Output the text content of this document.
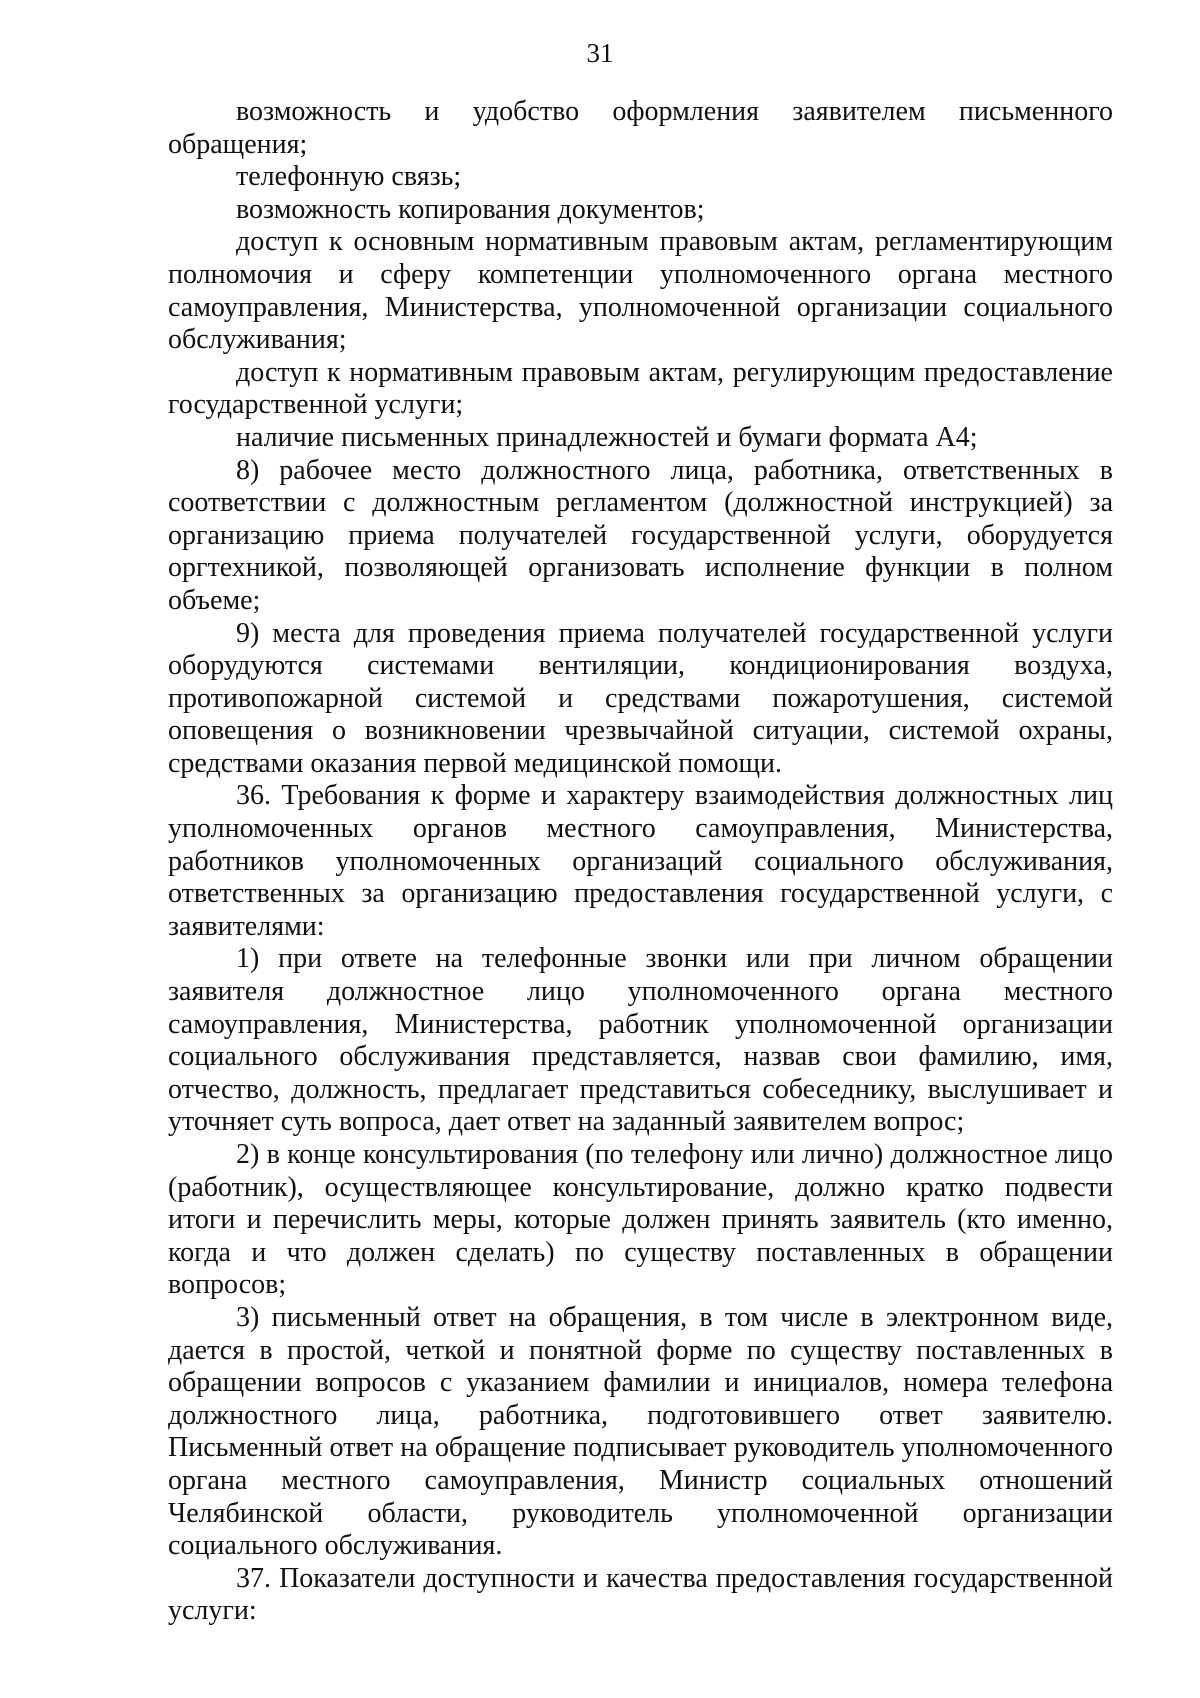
31

возможность и удобство оформления заявителем письменного обращения;

телефонную связь;

возможность копирования документов;

доступ к основным нормативным правовым актам, регламентирующим полномочия и сферу компетенции уполномоченного органа местного самоуправления, Министерства, уполномоченной организации социального обслуживания;

доступ к нормативным правовым актам, регулирующим предоставление государственной услуги;

наличие письменных принадлежностей и бумаги формата А4;

8) рабочее место должностного лица, работника, ответственных в соответствии с должностным регламентом (должностной инструкцией) за организацию приема получателей государственной услуги, оборудуется оргтехникой, позволяющей организовать исполнение функции в полном объеме;

9) места для проведения приема получателей государственной услуги оборудуются системами вентиляции, кондиционирования воздуха, противопожарной системой и средствами пожаротушения, системой оповещения о возникновении чрезвычайной ситуации, системой охраны, средствами оказания первой медицинской помощи.

36. Требования к форме и характеру взаимодействия должностных лиц уполномоченных органов местного самоуправления, Министерства, работников уполномоченных организаций социального обслуживания, ответственных за организацию предоставления государственной услуги, с заявителями:

1) при ответе на телефонные звонки или при личном обращении заявителя должностное лицо уполномоченного органа местного самоуправления, Министерства, работник уполномоченной организации социального обслуживания представляется, назвав свои фамилию, имя, отчество, должность, предлагает представиться собеседнику, выслушивает и уточняет суть вопроса, дает ответ на заданный заявителем вопрос;

2) в конце консультирования (по телефону или лично) должностное лицо (работник), осуществляющее консультирование, должно кратко подвести итоги и перечислить меры, которые должен принять заявитель (кто именно, когда и что должен сделать) по существу поставленных в обращении вопросов;

3) письменный ответ на обращения, в том числе в электронном виде, дается в простой, четкой и понятной форме по существу поставленных в обращении вопросов с указанием фамилии и инициалов, номера телефона должностного лица, работника, подготовившего ответ заявителю. Письменный ответ на обращение подписывает руководитель уполномоченного органа местного самоуправления, Министр социальных отношений Челябинской области, руководитель уполномоченной организации социального обслуживания.

37. Показатели доступности и качества предоставления государственной услуги:
